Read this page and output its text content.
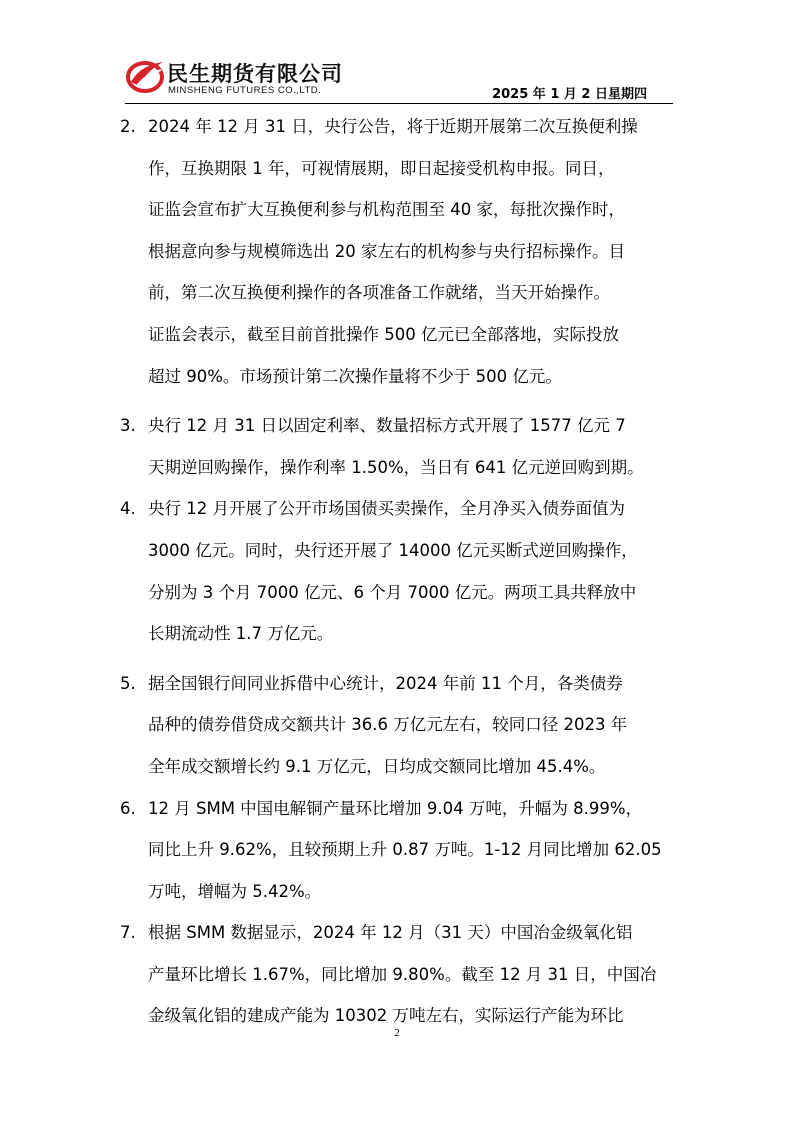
民生期货有限公司
MINSHENG FUTURES CO.,LTD.	2025 年 1 月 2 日星期四
2. 2024 年 12 月 31 日，央行公告，将于近期开展第二次互换便利操
作，互换期限 1 年，可视情展期，即日起接受机构申报。同日，
证监会宣布扩大互换便利参与机构范围至 40 家，每批次操作时，
根据意向参与规模筛选出 20 家左右的机构参与央行招标操作。目
前，第二次互换便利操作的各项准备工作就绪，当天开始操作。
证监会表示，截至目前首批操作 500 亿元已全部落地，实际投放
超过 90%。市场预计第二次操作量将不少于 500 亿元。
3. 央行 12 月 31 日以固定利率、数量招标方式开展了 1577 亿元 7
天期逆回购操作，操作利率 1.50%，当日有 641 亿元逆回购到期。
4. 央行 12 月开展了公开市场国债买卖操作，全月净买入债券面值为
3000 亿元。同时，央行还开展了 14000 亿元买断式逆回购操作，
分别为 3 个月 7000 亿元、6 个月 7000 亿元。两项工具共释放中
长期流动性 1.7 万亿元。
5. 据全国银行间同业拆借中心统计，2024 年前 11 个月，各类债券
品种的债券借贷成交额共计 36.6 万亿元左右，较同口径 2023 年
全年成交额增长约 9.1 万亿元，日均成交额同比增加 45.4%。
6. 12 月 SMM 中国电解铜产量环比增加 9.04 万吨，升幅为 8.99%，
同比上升 9.62%，且较预期上升 0.87 万吨。1-12 月同比增加 62.05
万吨，增幅为 5.42%。
7. 根据 SMM 数据显示，2024 年 12 月（31 天）中国冶金级氧化铝
产量环比增长 1.67%，同比增加 9.80%。截至 12 月 31 日，中国冶
金级氧化铝的建成产能为 10302 万吨左右，实际运行产能为环比
2
